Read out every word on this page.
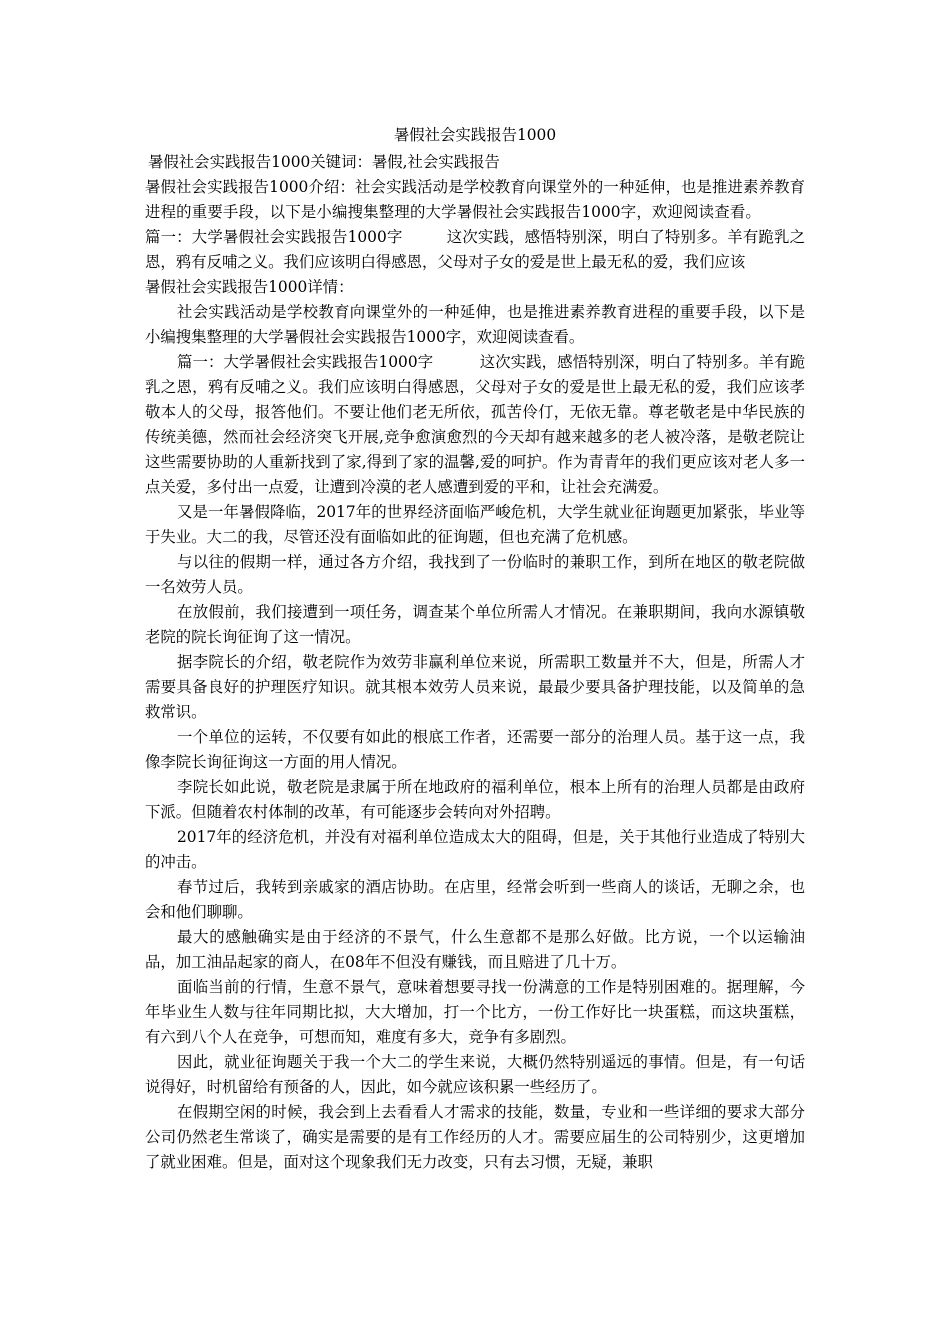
暑假社会实践报告1000
暑假社会实践报告1000关键词：暑假,社会实践报告
暑假社会实践报告1000介绍：社会实践活动是学校教育向课堂外的一种延伸，也是推进素养教育进程的重要手段，以下是小编搜集整理的大学暑假社会实践报告1000字，欢迎阅读查看。篇一：大学暑假社会实践报告1000字	这次实践，感悟特别深，明白了特别多。羊有跪乳之恩，鸦有反哺之义。我们应该明白得感恩，父母对子女的爱是世上最无私的爱，我们应该
暑假社会实践报告1000详情：

社会实践活动是学校教育向课堂外的一种延伸，也是推进素养教育进程的重要手段，以下是小编搜集整理的大学暑假社会实践报告1000字，欢迎阅读查看。

篇一：大学暑假社会实践报告1000字　　　这次实践，感悟特别深，明白了特别多。羊有跪乳之恩，鸦有反哺之义。我们应该明白得感恩，父母对子女的爱是世上最无私的爱，我们应该孝敬本人的父母，报答他们。不要让他们老无所依，孤苦伶仃，无依无靠。尊老敬老是中华民族的传统美德，然而社会经济突飞开展,竞争愈演愈烈的今天却有越来越多的老人被冷落，是敬老院让这些需要协助的人重新找到了家,得到了家的温馨,爱的呵护。作为青青年的我们更应该对老人多一点关爱，多付出一点爱，让遭到冷漠的老人感遭到爱的平和，让社会充满爱。

又是一年暑假降临，2017年的世界经济面临严峻危机，大学生就业征询题更加紧张，毕业等于失业。大二的我，尽管还没有面临如此的征询题，但也充满了危机感。

与以往的假期一样，通过各方介绍，我找到了一份临时的兼职工作，到所在地区的敬老院做一名效劳人员。

在放假前，我们接遭到一项任务，调查某个单位所需人才情况。在兼职期间，我向水源镇敬老院的院长询征询了这一情况。

据李院长的介绍，敬老院作为效劳非赢利单位来说，所需职工数量并不大，但是，所需人才需要具备良好的护理医疗知识。就其根本效劳人员来说，最最少要具备护理技能，以及简单的急救常识。

一个单位的运转，不仅要有如此的根底工作者，还需要一部分的治理人员。基于这一点，我像李院长询征询这一方面的用人情况。

李院长如此说，敬老院是隶属于所在地政府的福利单位，根本上所有的治理人员都是由政府下派。但随着农村体制的改革，有可能逐步会转向对外招聘。

2017年的经济危机，并没有对福利单位造成太大的阻碍，但是，关于其他行业造成了特别大的冲击。

春节过后，我转到亲戚家的酒店协助。在店里，经常会听到一些商人的谈话，无聊之余，也会和他们聊聊。

最大的感触确实是由于经济的不景气，什么生意都不是那么好做。比方说，一个以运输油品，加工油品起家的商人，在08年不但没有赚钱，而且赔进了几十万。

面临当前的行情，生意不景气，意味着想要寻找一份满意的工作是特别困难的。据理解，今年毕业生人数与往年同期比拟，大大增加，打一个比方，一份工作好比一块蛋糕，而这块蛋糕，有六到八个人在竞争，可想而知，难度有多大，竞争有多剧烈。

因此，就业征询题关于我一个大二的学生来说，大概仍然特别遥远的事情。但是，有一句话说得好，时机留给有预备的人，因此，如今就应该积累一些经历了。

在假期空闲的时候，我会到上去看看人才需求的技能，数量，专业和一些详细的要求大部分公司仍然老生常谈了，确实是需要的是有工作经历的人才。需要应届生的公司特别少，这更增加了就业困难。但是，面对这个现象我们无力改变，只有去习惯，无疑，兼职
